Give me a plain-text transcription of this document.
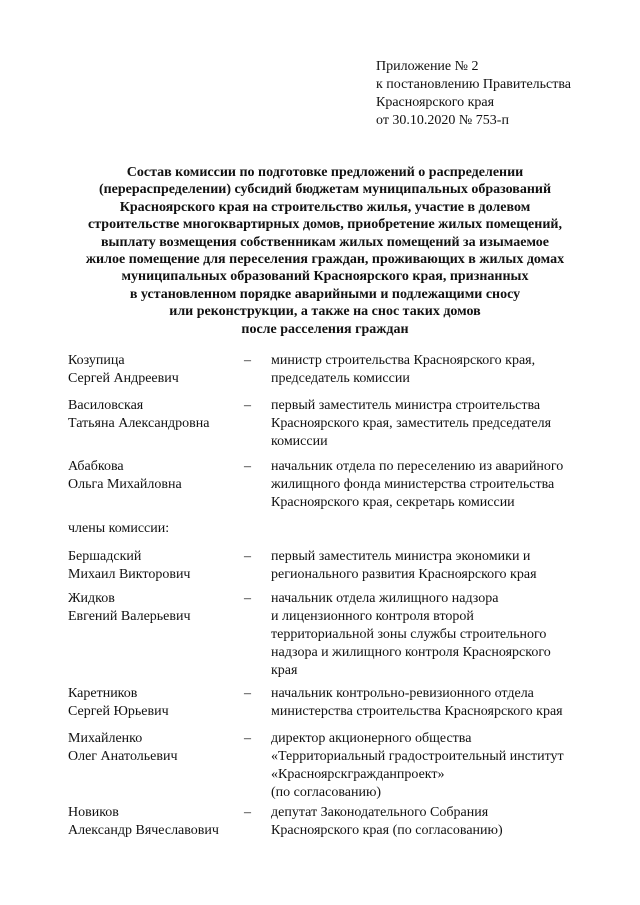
Приложение № 2
к постановлению Правительства
Красноярского края
от 30.10.2020 № 753-п
Состав комиссии по подготовке предложений о распределении
(перераспределении) субсидий бюджетам муниципальных образований
Красноярского края на строительство жилья, участие в долевом
строительстве многоквартирных домов, приобретение жилых помещений,
выплату возмещения собственникам жилых помещений за изымаемое
жилое помещение для переселения граждан, проживающих в жилых домах
муниципальных образований Красноярского края, признанных
в установленном порядке аварийными и подлежащими сносу
или реконструкции, а также на снос таких домов
после расселения граждан
Козупица
Сергей Андреевич
– министр строительства Красноярского края,
председатель комиссии
Василовская
Татьяна Александровна
– первый заместитель министра строительства
Красноярского края, заместитель председателя
комиссии
Абабкова
Ольга Михайловна
– начальник отдела по переселению из аварийного
жилищного фонда министерства строительства
Красноярского края, секретарь комиссии
члены комиссии:
Бершадский
Михаил Викторович
– первый заместитель министра экономики и
регионального развития Красноярского края
Жидков
Евгений Валерьевич
– начальник отдела жилищного надзора
и лицензионного контроля второй
территориальной зоны службы строительного
надзора и жилищного контроля Красноярского
края
Каретников
Сергей Юрьевич
– начальник контрольно-ревизионного отдела
министерства строительства Красноярского края
Михайленко
Олег Анатольевич
– директор акционерного общества
«Территориальный градостроительный институт
«Красноярскгражданпроект»
(по согласованию)
Новиков
Александр Вячеславович
– депутат Законодательного Собрания
Красноярского края (по согласованию)
